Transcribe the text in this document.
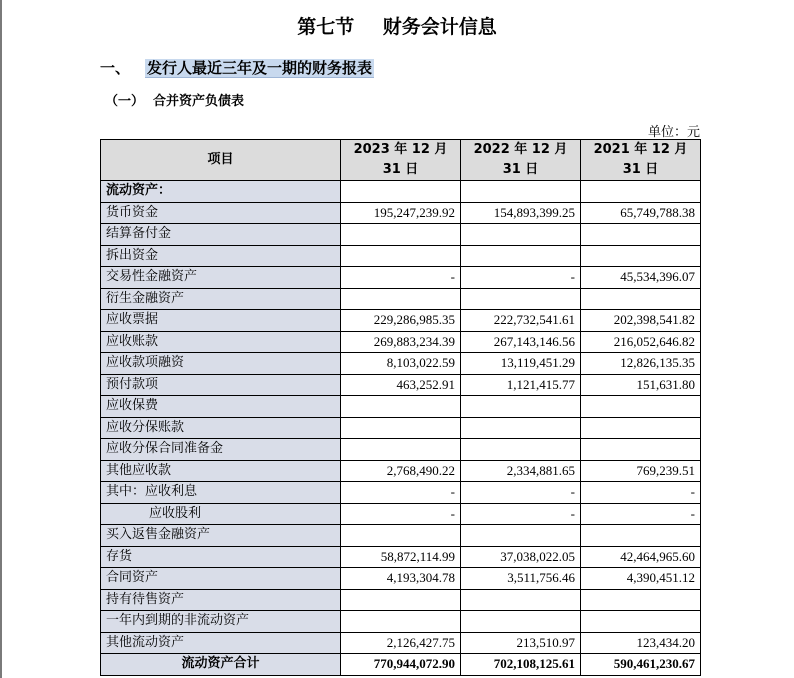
第七节 财务会计信息
一、 发行人最近三年及一期的财务报表
（一） 合并资产负债表
单位：元
项目	2023 年 12 月 31 日	2022 年 12 月 31 日	2021 年 12 月 31 日
流动资产：			
货币资金	195,247,239.92	154,893,399.25	65,749,788.38
结算备付金			
拆出资金			
交易性金融资产	-	-	45,534,396.07
衍生金融资产			
应收票据	229,286,985.35	222,732,541.61	202,398,541.82
应收账款	269,883,234.39	267,143,146.56	216,052,646.82
应收款项融资	8,103,022.59	13,119,451.29	12,826,135.35
预付款项	463,252.91	1,121,415.77	151,631.80
应收保费			
应收分保账款			
应收分保合同准备金			
其他应收款	2,768,490.22	2,334,881.65	769,239.51
其中：应收利息	-	-	-
应收股利	-	-	-
买入返售金融资产			
存货	58,872,114.99	37,038,022.05	42,464,965.60
合同资产	4,193,304.78	3,511,756.46	4,390,451.12
持有待售资产			
一年内到期的非流动资产			
其他流动资产	2,126,427.75	213,510.97	123,434.20
流动资产合计	770,944,072.90	702,108,125.61	590,461,230.67
